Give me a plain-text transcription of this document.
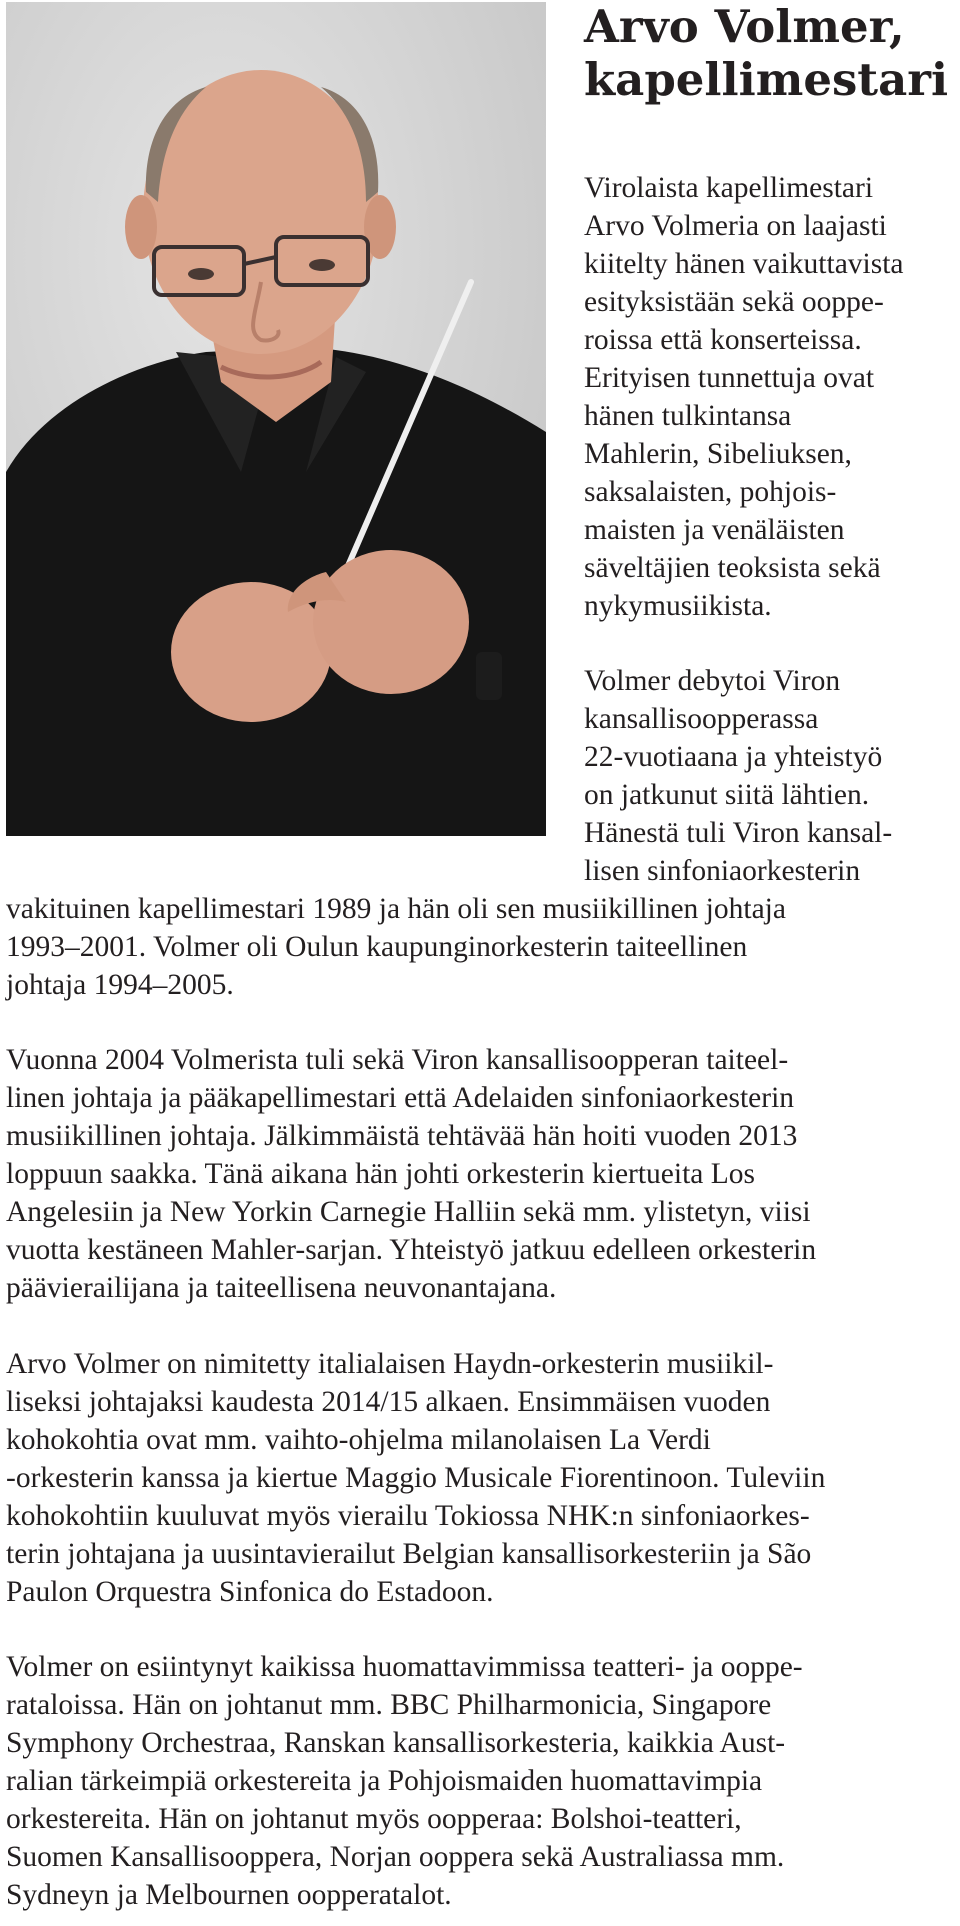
Arvo Volmer,
kapellimestari

Virolaista kapellimestari

Arvo Volmeria on laajasti

kiitelty hänen vaikuttavista

esityksistään sekä ooppe-

roissa että konserteissa.

Erityisen tunnettuja ovat

hänen tulkintansa

Mahlerin, Sibeliuksen,

saksalaisten, pohjois-

maisten ja venäläisten

säveltäjien teoksista sekä

nykymusiikista.

Volmer debytoi Viron

kansallisoopperassa

22-vuotiaana ja yhteistyö

on jatkunut siitä lähtien.

Hänestä tuli Viron kansal-

lisen sinfoniaorkesterin

vakituinen kapellimestari 1989 ja hän oli sen musiikillinen johtaja

1993–2001. Volmer oli Oulun kaupunginorkesterin taiteellinen

johtaja 1994–2005.

Vuonna 2004 Volmerista tuli sekä Viron kansallisoopperan taiteel-

linen johtaja ja pääkapellimestari että Adelaiden sinfoniaorkesterin

musiikillinen johtaja. Jälkimmäistä tehtävää hän hoiti vuoden 2013

loppuun saakka. Tänä aikana hän johti orkesterin kiertueita Los

Angelesiin ja New Yorkin Carnegie Halliin sekä mm. ylistetyn, viisi

vuotta kestäneen Mahler-sarjan. Yhteistyö jatkuu edelleen orkesterin

päävierailijana ja taiteellisena neuvonantajana.

Arvo Volmer on nimitetty italialaisen Haydn-orkesterin musiikil-

liseksi johtajaksi kaudesta 2014/15 alkaen. Ensimmäisen vuoden

kohokohtia ovat mm. vaihto-ohjelma milanolaisen La Verdi

-orkesterin kanssa ja kiertue Maggio Musicale Fiorentinoon. Tuleviin

kohokohtiin kuuluvat myös vierailu Tokiossa NHK:n sinfoniaorkes-

terin johtajana ja uusintavierailut Belgian kansallisorkesteriin ja São

Paulon Orquestra Sinfonica do Estadoon.

Volmer on esiintynyt kaikissa huomattavimmissa teatteri- ja ooppe-

rataloissa. Hän on johtanut mm. BBC Philharmonicia, Singapore

Symphony Orchestraa, Ranskan kansallisorkesteria, kaikkia Aust-

ralian tärkeimpiä orkestereita ja Pohjoismaiden huomattavimpia

orkestereita. Hän on johtanut myös oopperaa: Bolshoi-teatteri,

Suomen Kansallisooppera, Norjan ooppera sekä Australiassa mm.

Sydneyn ja Melbournen oopperatalot.
